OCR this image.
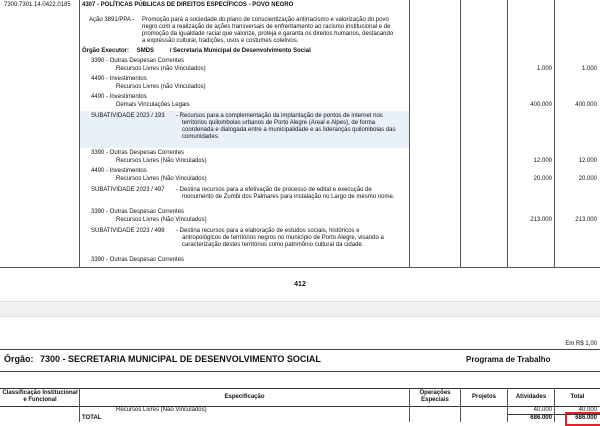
7300.7301.14.0422.0185 4307 - POLÍTICAS PÚBLICAS DE DIREITOS ESPECÍFICOS - POVO NEGRO
Ação 3891/PPA - Promoção para a sociedade do plano de conscientização antirracismo e valorização do povo
negro com a realização de ações transversais de enfrentamento ao racismo institucional e de
promoção da igualdade racial que valorize, proteja e garanta os direitos humanos, destacando
a expressão cultural, tradições, usos e costumes coletivos.
Órgão Executor: SMDS	/ Secretaria Municipal de Desenvolvimento Social
3390 - Outras Despesas Correntes
Recursos Livres (não Vinculados)	1.000	1.000
4490 - Investimentos
Recursos Livres (não Vinculados)
4490 - Investimentos
Demais Vinculações Legais	400.000	400.000
SUBATIVIDADE 2023 / 193 - Recursos para a complementação da implantação de pontos de internet nos
territórios quilombolas urbanos de Porto Alegre (Areal e Alpes), de forma
coordenada e dialogada entre a municipalidade e as lideranças quilombolas das
comunidades.
3390 - Outras Despesas Correntes
Recursos Livres (Não Vinculados)	12.000	12.000
4490 - Investimentos
Recursos Livres (Não Vinculados)	20.000	20.000
SUBATIVIDADE 2023 / 497 - Destina recursos para a efetivação de processo de edital e execução de
monumento de Zumbi dos Palmares para instalação no Largo de mesmo nome.
3390 - Outras Despesas Correntes
Recursos Livres (Não Vinculados)	213.000	213.000
SUBATIVIDADE 2023 / 498 - Destina recursos para a elaboração de estudos sociais, históricos e
antropológicos de territórios negros no município de Porto Alegre, visando a
caracterização destes territórios como patrimônio cultural da cidade.
3390 - Outras Despesas Correntes
412
Em R$ 1,00
Órgão: 7300 - SECRETARIA MUNICIPAL DE DESENVOLVIMENTO SOCIAL	Programa de Trabalho
Classificação Institucional e Funcional	Especificação
Operações Especiais	Projetos	Atividades	Total
Recursos Livres (Não Vinculados)	40.000	40.000
TOTAL	686.000	686.000
